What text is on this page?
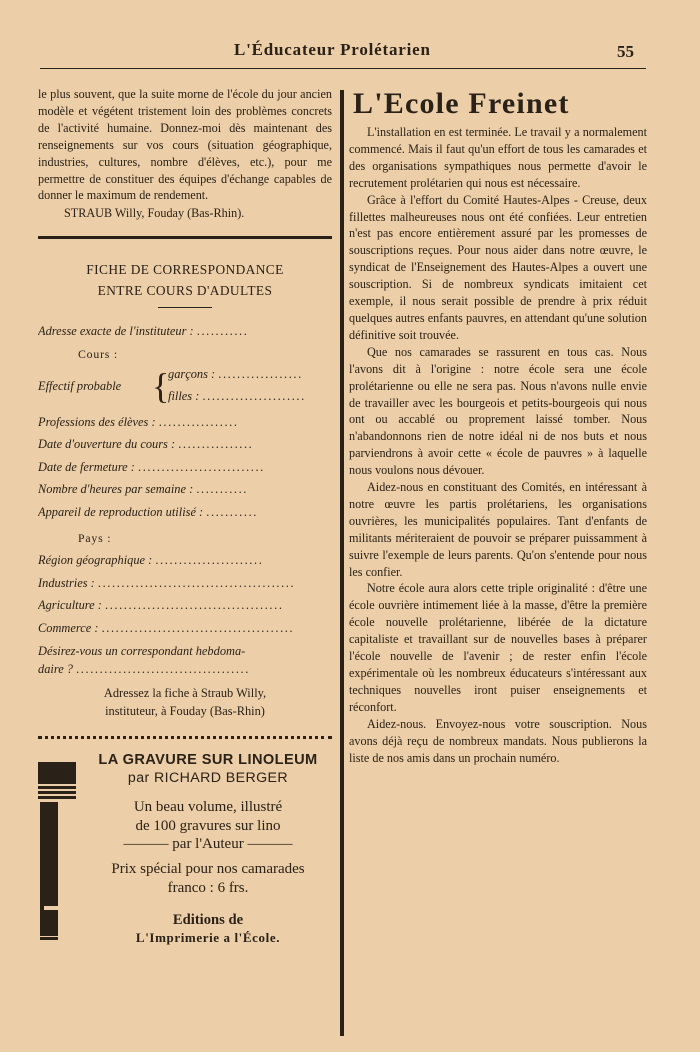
L'Éducateur Prolétarien	55

le plus souvent, que la suite morne de l'école du jour ancien modèle et végétent tristement loin des problèmes concrets de l'activité humaine. Donnez-moi dès maintenant des renseignements sur vos cours (situation géographique, industries, cultures, nombre d'élèves, etc.), pour me permettre de constituer des équipes d'échange capables de donner le maximum de rendement.

STRAUB Willy, Fouday (Bas-Rhin).
FICHE DE CORRESPONDANCE
ENTRE COURS D'ADULTES
Adresse exacte de l'instituteur : ...........
Cours :
Effectif probable {
garçons : ..................
filles : ......................
Professions des élèves : .................
Date d'ouverture du cours : ................
Date de fermeture : ...........................
Nombre d'heures par semaine : ...........
Appareil de reproduction utilisé : ...........
Pays :
Région géographique : .......................
Industries : ..........................................
Agriculture : ......................................
Commerce : .........................................
Désirez-vous un correspondant hebdoma-
daire ? .....................................
Adressez la fiche à Straub Willy,
instituteur, à Fouday (Bas-Rhin)
LA GRAVURE SUR LINOLEUM
par RICHARD BERGER
Un beau volume, illustré
de 100 gravures sur lino
——— par l'Auteur ———
Prix spécial pour nos camarades
franco : 6 frs.
Editions de
L'Imprimerie a l'École.
L'Ecole Freinet

L'installation en est terminée. Le travail y a normalement commencé. Mais il faut qu'un effort de tous les camarades et des organisations sympathiques nous permette d'avoir le recrutement prolétarien qui nous est nécessaire.

Grâce à l'effort du Comité Hautes-Alpes - Creuse, deux fillettes malheureuses nous ont été confiées. Leur entretien n'est pas encore entièrement assuré par les promesses de souscriptions reçues. Pour nous aider dans notre œuvre, le syndicat de l'Enseignement des Hautes-Alpes a ouvert une souscription. Si de nombreux syndicats imitaient cet exemple, il nous serait possible de prendre à prix réduit quelques autres enfants pauvres, en attendant qu'une solution définitive soit trouvée.

Que nos camarades se rassurent en tous cas. Nous l'avons dit à l'origine : notre école sera une école prolétarienne ou elle ne sera pas. Nous n'avons nulle envie de travailler avec les bourgeois et petits-bourgeois qui nous ont ou accablé ou proprement laissé tomber. Nous n'abandonnons rien de notre idéal ni de nos buts et nous parviendrons à avoir cette « école de pauvres » à laquelle nous voulons nous dévouer.

Aidez-nous en constituant des Comités, en intéressant à notre œuvre les partis prolétariens, les organisations ouvrières, les municipalités populaires. Tant d'enfants de militants mériteraient de pouvoir se préparer puissamment à suivre l'exemple de leurs parents. Qu'on s'entende pour nous les confier.

Notre école aura alors cette triple originalité : d'être une école ouvrière intimement liée à la masse, d'être la première école nouvelle prolétarienne, libérée de la dictature capitaliste et travaillant sur de nouvelles bases à préparer l'école nouvelle de l'avenir ; de rester enfin l'école expérimentale où les nombreux éducateurs s'intéressant aux techniques nouvelles iront puiser enseignements et réconfort.

Aidez-nous. Envoyez-nous votre souscription. Nous avons déjà reçu de nombreux mandats. Nous publierons la liste de nos amis dans un prochain numéro.
